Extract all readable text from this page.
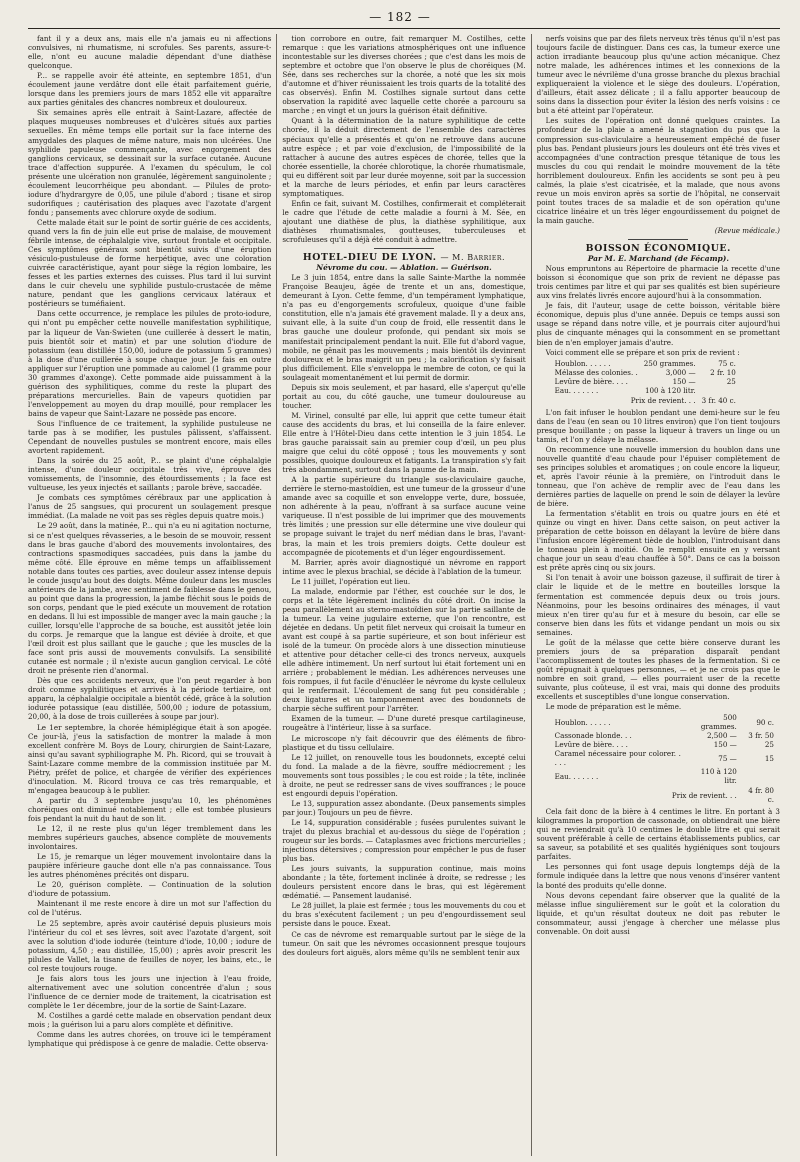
— 182 —

fant il y a deux ans, mais elle n'a jamais eu ni affections convulsives, ni rhumatisme, ni scrofules. Ses parents, assure-t-elle, n'ont eu aucune maladie dépendant d'une diathèse quelconque.

P... se rappelle avoir été atteinte, en septembre 1851, d'un écoulement jaune verdâtre dont elle était parfaitement guérie, lorsque dans les premiers jours de mars 1852 elle vit apparaître aux parties génitales des chancres nombreux et douloureux.

Six semaines après elle entrait à Saint-Lazare, affectée de plaques muqueuses nombreuses et d'ulcères situés aux parties sexuelles. En même temps elle portait sur la face interne des amygdales des plaques de même nature, mais non ulcérées. Une syphilide papuleuse commençante, avec engorgement des ganglions cervicaux, se dessinait sur la surface cutanée. Aucune trace d'affection suppurée. A l'examen du spéculum, le col présente une ulcération non granulée, légèrement sanguinolente ; écoulement leucorrhéique peu abondant. — Pilules de proto-iodure d'hydrargyre de 0,05, une pilule d'abord ; tisane et sirop sudorifiques ; cautérisation des plaques avec l'azotate d'argent fondu ; pansements avec chlorure oxyde de sodium.

Cette malade était sur le point de sortir guérie de ces accidents, quand vers la fin de juin elle eut prise de malaise, de mouvement fébrile intense, de céphalalgie vive, surtout frontale et occipitale. Ces symptômes généraux sont bientôt suivis d'une éruption vésiculo-pustuleuse de forme herpétique, avec une coloration cuivrée caractéristique, ayant pour siège la région lombaire, les fesses et les parties externes des cuisses. Plus tard il lui survint dans le cuir chevelu une syphilide pustulo-crustacée de même nature, pendant que les ganglions cervicaux latéraux et postérieurs se tuméfiaient.

Dans cette occurrence, je remplace les pilules de proto-iodure, qui n'ont pu empêcher cette nouvelle manifestation syphilitique, par la liqueur de Van-Swieten (une cuillerée à dessert le matin, puis bientôt soir et matin) et par une solution d'iodure de potassium (eau distillée 150,00, iodure de potassium 5 grammes) à la dose d'une cuillerée à soupe chaque jour. Je fais en outre appliquer sur l'éruption une pommade au calomel (1 gramme pour 30 grammes d'axonge). Cette pommade aide puissamment à la guérison des syphilitiques, comme du reste la plupart des préparations mercurielles. Bain de vapeurs quotidien par l'enveloppement au moyen du drap mouillé, pour remplacer les bains de vapeur que Saint-Lazare ne possède pas encore.

Sous l'influence de ce traitement, la syphilide pustuleuse ne tarde pas à se modifier, les pustules pâlissent, s'affaissent. Cependant de nouvelles pustules se montrent encore, mais elles avortent rapidement.

Dans la soirée du 25 août, P... se plaint d'une céphalalgie intense, d'une douleur occipitale très vive, éprouve des vomissements, de l'insomnie, des étourdissements ; la face est vultueuse, les yeux injectés et saillants ; parole brève, saccadée.

Je combats ces symptômes cérébraux par une application à l'anus de 25 sangsues, qui procurent un soulagement presque immédiat. (La malade ne voit pas ses règles depuis quatre mois.)

Le 29 août, dans la matinée, P... qui n'a eu ni agitation nocturne, si ce n'est quelques rêvasseries, a le besoin de se mouvoir, ressent dans le bras gauche d'abord des mouvements involontaires, des contractions spasmodiques saccadées, puis dans la jambe du même côté. Elle éprouve en même temps un affaiblissement notable dans toutes ces parties, avec douleur assez intense depuis le coude jusqu'au bout des doigts. Même douleur dans les muscles antérieurs de la jambe, avec sentiment de faiblesse dans le genou, au point que dans la progression, la jambe fléchit sous le poids de son corps, pendant que le pied exécute un mouvement de rotation en dedans. Il lui est impossible de manger avec la main gauche ; la cuiller, lorsqu'elle l'approche de sa bouche, est aussitôt jetée loin du corps. Je remarque que la langue est déviée à droite, et que l'œil droit est plus saillant que le gauche ; que les muscles de la face sont pris aussi de mouvements convulsifs. La sensibilité cutanée est normale ; il n'existe aucun ganglion cervical. Le côté droit ne présente rien d'anormal.

Dès que ces accidents nerveux, que l'on peut regarder à bon droit comme syphilitiques et arrivés à la période tertiaire, ont apparu, la céphalalgie occipitale a bientôt cédé, grâce à la solution iodurée potassique (eau distillée, 500,00 ; iodure de potassium, 20,00, à la dose de trois cuillerées à soupe par jour).

Le 1er septembre, la chorée hémiplégique était à son apogée. Ce jour-là, j'eus la satisfaction de montrer la malade à mon excellent confrère M. Boys de Loury, chirurgien de Saint-Lazare, ainsi qu'au savant syphiliographe M. Ph. Ricord, qui se trouvait à Saint-Lazare comme membre de la commission instituée par M. Piétry, préfet de police, et chargée de vérifier des expériences d'inoculation. M. Ricord trouva ce cas très remarquable, et m'engagea beaucoup à le publier.

A partir du 3 septembre jusqu'au 10, les phénomènes choréiques ont diminué notablement ; elle est tombée plusieurs fois pendant la nuit du haut de son lit.

Le 12, il ne reste plus qu'un léger tremblement dans les membres supérieurs gauches, absence complète de mouvements involontaires.

Le 15, je remarque un léger mouvement involontaire dans la paupière inférieure gauche dont elle n'a pas connaissance. Tous les autres phénomènes précités ont disparu.

Le 20, guérison complète. — Continuation de la solution d'iodure de potassium.

Maintenant il me reste encore à dire un mot sur l'affection du col de l'utérus.

Le 25 septembre, après avoir cautérisé depuis plusieurs mois l'intérieur du col et ses lèvres, soit avec l'azotate d'argent, soit avec la solution d'iode iodurée (teinture d'iode, 10,00 ; iodure de potassium, 4,50 ; eau distillée, 15,00) ; après avoir prescrit les pilules de Vallet, la tisane de feuilles de noyer, les bains, etc., le col reste toujours rouge.

Je fais alors tous les jours une injection à l'eau froide, alternativement avec une solution concentrée d'alun ; sous l'influence de ce dernier mode de traitement, la cicatrisation est complète le 1er décembre, jour de la sortie de Saint-Lazare.

M. Costilhes a gardé cette malade en observation pendant deux mois ; la guérison lui a paru alors complète et définitive.

Comme dans les autres chorées, on trouve ici le tempérament lymphatique qui prédispose à ce genre de maladie. Cette observa-

tion corrobore en outre, fait remarquer M. Costilhes, cette remarque : que les variations atmosphériques ont une influence incontestable sur les diverses chorées ; que c'est dans les mois de septembre et octobre que l'on observe le plus de choréiques (M. Sée, dans ses recherches sur la chorée, a noté que les six mois d'automne et d'hiver réunissaient les trois quarts de la totalité des cas observés). Enfin M. Costilhes signale surtout dans cette observation la rapidité avec laquelle cette chorée a parcouru sa marche ; en vingt et un jours la guérison était définitive.

Quant à la détermination de la nature syphilitique de cette chorée, il la déduit directement de l'ensemble des caractères spéciaux qu'elle a présentés et qu'on ne retrouve dans aucune autre espèce ; et par voie d'exclusion, de l'impossibilité de la rattacher à aucune des autres espèces de chorée, telles que la chorée essentielle, la chorée chlorotique, la chorée rhumatismale, qui eu différent soit par leur durée moyenne, soit par la succession et la marche de leurs périodes, et enfin par leurs caractères symptomatiques.

Enfin ce fait, suivant M. Costilhes, confirmerait et compléterait le cadre que l'étude de cette maladie a fourni à M. Sée, en ajoutant une diathèse de plus, la diathèse syphilitique, aux diathèses rhumatismales, goutteuses, tuberculeuses et scrofuleuses qu'il a déjà été conduit à admettre.

HOTEL-DIEU DE LYON. — M. Barrier.

Névrome du cou. — Ablation. — Guérison.

Le 3 juin 1854, entre dans la salle Sainte-Marthe la nommée Françoise Beaujeu, âgée de trente et un ans, domestique, demeurant à Lyon. Cette femme, d'un tempérament lymphatique, n'a pas eu d'engorgements scrofuleux, quoique d'une faible constitution, elle n'a jamais été gravement malade. Il y a deux ans, suivant elle, à la suite d'un coup de froid, elle ressentit dans le bras gauche une douleur profonde, qui pendant six mois se manifestait principalement pendant la nuit. Elle fut d'abord vague, mobile, ne gênait pas les mouvements ; mais bientôt ils devinrent douloureux et le bras maigrit un peu ; la calorification s'y faisait plus difficilement. Elle s'enveloppa le membre de coton, ce qui la soulageait momentanément et lui permit de dormir.

Depuis six mois seulement, et par hasard, elle s'aperçut qu'elle portait au cou, du côté gauche, une tumeur douloureuse au toucher.

M. Virinel, consulté par elle, lui apprit que cette tumeur était cause des accidents du bras, et lui conseilla de la faire enlever. Elle entre à l'Hôtel-Dieu dans cette intention le 3 juin 1854. Le bras gauche paraissait sain au premier coup d'œil, un peu plus maigre que celui du côté opposé ; tous les mouvements y sont possibles, quoique douloureux et fatigants. La transpiration s'y fait très abondamment, surtout dans la paume de la main.

A la partie supérieure du triangle sus-claviculaire gauche, derrière le sterno-mastoïdien, est une tumeur de la grosseur d'une amande avec sa coquille et son enveloppe verte, dure, bossuée, non adhérente à la peau, n'offrant à sa surface aucune veine variqueuse. Il n'est possible de lui imprimer que des mouvements très limités ; une pression sur elle détermine une vive douleur qui se propage suivant le trajet du nerf médian dans le bras, l'avant-bras, la main et les trois premiers doigts. Cette douleur est accompagnée de picotements et d'un léger engourdissement.

M. Barrier, après avoir diagnostiqué un névrome en rapport intime avec le plexus brachial, se décide à l'ablation de la tumeur.

Le 11 juillet, l'opération eut lieu.

La malade, endormie par l'éther, est couchée sur le dos, le corps et la tête légèrement inclinés du côté droit. On incise la peau parallèlement au sterno-mastoïdien sur la partie saillante de la tumeur. La veine jugulaire externe, que l'on rencontre, est déjetée en dedans. Un petit filet nerveux qui croisait la tumeur en avant est coupé à sa partie supérieure, et son bout inférieur est isolé de la tumeur. On procède alors à une dissection minutieuse et attentive pour détacher celle-ci des troncs nerveux, auxquels elle adhère intimement. Un nerf surtout lui était fortement uni en arrière ; probablement le médian. Les adhérences nerveuses une fois rompues, il fut facile d'énucléer le névrome du kyste celluleux qui le renfermait. L'écoulement de sang fut peu considérable ; deux ligatures et un tamponnement avec des boudonnets de charpie sèche suffirent pour l'arrêter.

Examen de la tumeur. — D'une dureté presque cartilagineuse, rougeâtre à l'intérieur, lisse à sa surface.

Le microscope n'y fait découvrir que des éléments de fibro-plastique et du tissu cellulaire.

Le 12 juillet, on renouvelle tous les boudonnets, excepté celui du fond. La malade a de la fièvre, souffre médiocrement ; les mouvements sont tous possibles ; le cou est roide ; la tête, inclinée à droite, ne peut se redresser sans de vives souffrances ; le pouce est engourdi depuis l'opération.

Le 13, suppuration assez abondante. (Deux pansements simples par jour.) Toujours un peu de fièvre.

Le 14, suppuration considérable ; fusées purulentes suivant le trajet du plexus brachial et au-dessous du siège de l'opération ; rougeur sur les bords. — Cataplasmes avec frictions mercurielles ; injections détersives ; compression pour empêcher le pus de fuser plus bas.

Les jours suivants, la suppuration continue, mais moins abondante ; la tête, fortement inclinée à droite, se redresse ; les douleurs persistent encore dans le bras, qui est légèrement œdématié. — Pansement laudanisé.

Le 28 juillet, la plaie est fermée ; tous les mouvements du cou et du bras s'exécutent facilement ; un peu d'engourdissement seul persiste dans le pouce. Exeat.

Ce cas de névrome est remarquable surtout par le siège de la tumeur. On sait que les névromes occasionnent presque toujours des douleurs fort aiguës, alors même qu'ils ne semblent tenir aux

nerfs voisins que par des filets nerveux très ténus qu'il n'est pas toujours facile de distinguer. Dans ces cas, la tumeur exerce une action irradiante beaucoup plus qu'une action mécanique. Chez notre malade, les adhérences intimes et les connexions de la tumeur avec le névrilème d'una grosse branche du plexus brachial expliqueraient la violence et le siège des douleurs. L'opération, d'ailleurs, était assez délicate ; il a fallu apporter beaucoup de soins dans la dissection pour éviter la lésion des nerfs voisins : ce but a été atteint par l'opérateur.

Les suites de l'opération ont donné quelques craintes. La profondeur de la plaie a amené la stagnation du pus que la compression sus-claviculaire a heureusement empêché de fuser plus bas. Pendant plusieurs jours les douleurs ont été très vives et accompagnées d'une contraction presque tétanique de tous les muscles du cou qui rendait le moindre mouvement de la tête horriblement douloureux. Enfin les accidents se sont peu à peu calmés, la plaie s'est cicatrisée, et la malade, que nous avons revue un mois environ après sa sortie de l'hôpital, ne conservait point toutes traces de sa maladie et de son opération qu'une cicatrice linéaire et un très léger engourdissement du poignet de la main gauche.

(Revue médicale.)

BOISSON ÉCONOMIQUE.

Par M. E. Marchand (de Fécamp).

Nous empruntons au Répertoire de pharmacie la recette d'une boisson si économique que son prix de revient ne dépasse pas trois centimes par litre et qui par ses qualités est bien supérieure aux vins frelatés livrés encore aujourd'hui à la consommation.

Je fais, dit l'auteur, usage de cette boisson, véritable bière économique, depuis plus d'une année. Depuis ce temps aussi son usage se répand dans notre ville, et je pourrais citer aujourd'hui plus de cinquante ménages qui la consomment en se promettant bien de n'en employer jamais d'autre.

Voici comment elle se prépare et son prix de revient :

Houblon. . . . . .	250 grammes.	75 c.
Mélasse des colonies. .	3,000 —	2 fr. 10
Levûre de bière. . . .	150 —	25
Eau. . . . . . .	100 à 120 litr.	
Prix de revient. . .		3 fr. 40 c.

L'on fait infuser le houblon pendant une demi-heure sur le feu dans de l'eau (en sean ou 10 litres environ) que l'on tient toujours presque bouillante ; on passe la liqueur à travers un linge ou un tamis, et l'on y délaye la mélasse.

On recommence une nouvelle immersion du houblon dans une nouvelle quantité d'eau chaude pour l'épuiser complètement de ses principes solubles et aromatiques ; on coule encore la liqueur, et, après l'avoir réunie à la première, on l'introduit dans le tonneau, que l'on achève de remplir avec de l'eau dans les dernières parties de laquelle on prend le soin de délayer la levûre de bière.

La fermentation s'établit en trois ou quatre jours en été et quinze ou vingt en hiver. Dans cette saison, on peut activer la préparation de cette boisson en délayant la levûre de bière dans l'infusion encore légèrement tiède de houblon, l'introduisant dans le tonneau plein à moitié. On le remplit ensuite en y versant chaque jour un seau d'eau chauffée à 50°. Dans ce cas la boisson est prête après cinq ou six jours.

Si l'on tenait à avoir une boisson gazeuse, il suffirait de tirer à clair le liquide et de le mettre en bouteilles lorsque la fermentation est commencée depuis deux ou trois jours. Néanmoins, pour les besoins ordinaires des ménages, il vaut mieux n'en tirer qu'au fur et à mesure du besoin, car elle se conserve bien dans les fûts et vidange pendant un mois ou six semaines.

Le goût de la mélasse que cette bière conserve durant les premiers jours de sa préparation disparaît pendant l'accomplissement de toutes les phases de la fermentation. Si ce goût répugnait à quelques personnes, — et je ne crois pas que le nombre en soit grand, — elles pourraient user de la recette suivante, plus coûteuse, il est vrai, mais qui donne des produits excellents et susceptibles d'une longue conservation.

Le mode de préparation est le même.

Houblon. . . . . .	500 grammes.	90 c.
Cassonade blonde. . .	2,500 —	3 fr. 50
Levûre de bière. . . .	150 —	25
Caramel nécessaire pour colorer. . . . .	75 —	15
Eau. . . . . . .	110 à 120 litr.	
Prix de revient. . .		4 fr. 80 c.

Cela fait donc de la bière à 4 centimes le litre. En portant à 3 kilogrammes la proportion de cassonade, on obtiendrait une bière qui ne reviendrait qu'à 10 centimes le double litre et qui serait souvent préférable à celle de certains établissements publics, car sa saveur, sa potabilité et ses qualités hygiéniques sont toujours parfaites.

Les personnes qui font usage depuis longtemps déjà de la formule indiquée dans la lettre que nous venons d'insérer vantent la bonté des produits qu'elle donne.

Nous devons cependant faire observer que la qualité de la mélasse influe singulièrement sur le goût et la coloration du liquide, et qu'un résultat douteux ne doit pas rebuter le consommateur, aussi j'engage à chercher une mélasse plus convenable. On doit aussi
